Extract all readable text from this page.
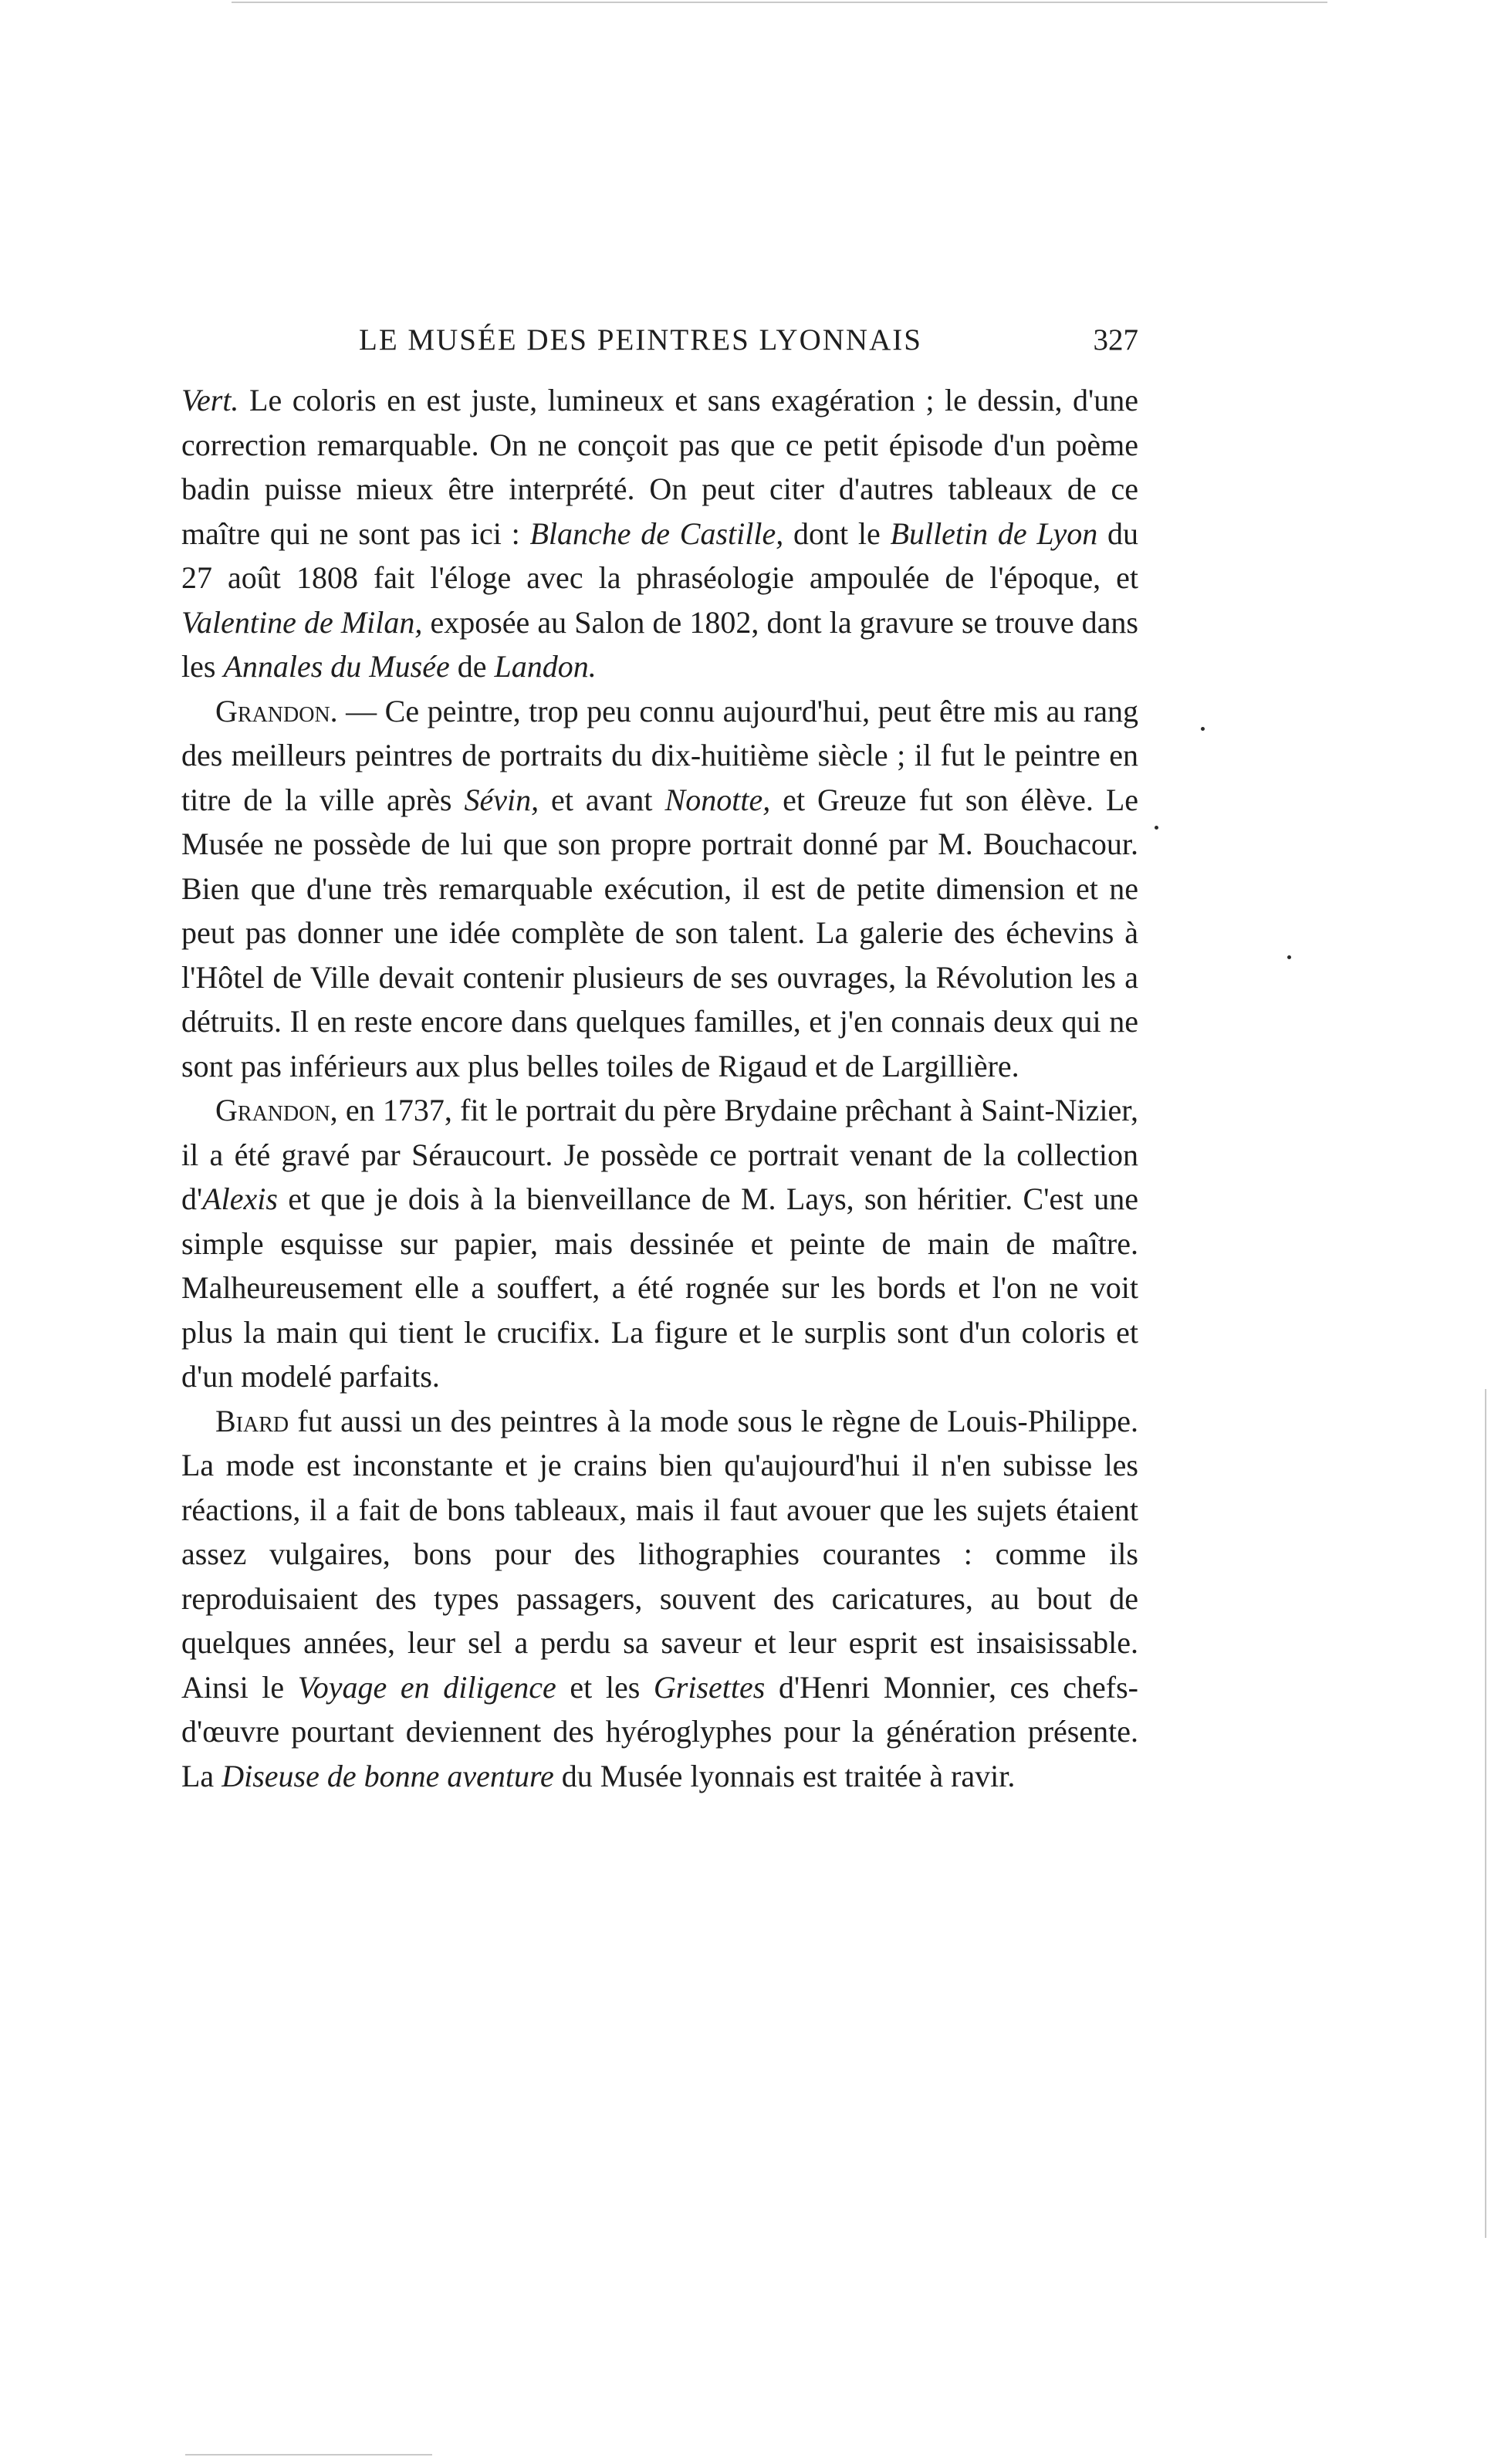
LE MUSÉE DES PEINTRES LYONNAIS	327

Vert. Le coloris en est juste, lumineux et sans exagération ; le dessin, d'une correction remarquable. On ne conçoit pas que ce petit épisode d'un poème badin puisse mieux être interprété. On peut citer d'autres tableaux de ce maître qui ne sont pas ici : Blanche de Castille, dont le Bulletin de Lyon du 27 août 1808 fait l'éloge avec la phraséologie ampoulée de l'époque, et Valentine de Milan, exposée au Salon de 1802, dont la gravure se trouve dans les Annales du Musée de Landon.

Grandon. — Ce peintre, trop peu connu aujourd'hui, peut être mis au rang des meilleurs peintres de portraits du dix-huitième siècle ; il fut le peintre en titre de la ville après Sévin, et avant Nonotte, et Greuze fut son élève. Le Musée ne possède de lui que son propre portrait donné par M. Bouchacour. Bien que d'une très remarquable exécution, il est de petite dimension et ne peut pas donner une idée complète de son talent. La galerie des échevins à l'Hôtel de Ville devait contenir plusieurs de ses ouvrages, la Révolution les a détruits. Il en reste encore dans quelques familles, et j'en connais deux qui ne sont pas inférieurs aux plus belles toiles de Rigaud et de Largillière.

Grandon, en 1737, fit le portrait du père Brydaine prêchant à Saint-Nizier, il a été gravé par Séraucourt. Je possède ce portrait venant de la collection d'Alexis et que je dois à la bienveillance de M. Lays, son héritier. C'est une simple esquisse sur papier, mais dessinée et peinte de main de maître. Malheureusement elle a souffert, a été rognée sur les bords et l'on ne voit plus la main qui tient le crucifix. La figure et le surplis sont d'un coloris et d'un modelé parfaits.

Biard fut aussi un des peintres à la mode sous le règne de Louis-Philippe. La mode est inconstante et je crains bien qu'aujourd'hui il n'en subisse les réactions, il a fait de bons tableaux, mais il faut avouer que les sujets étaient assez vulgaires, bons pour des lithographies courantes : comme ils reproduisaient des types passagers, souvent des caricatures, au bout de quelques années, leur sel a perdu sa saveur et leur esprit est insaisissable. Ainsi le Voyage en diligence et les Grisettes d'Henri Monnier, ces chefs-d'œuvre pourtant deviennent des hyéroglyphes pour la génération présente. La Diseuse de bonne aventure du Musée lyonnais est traitée à ravir.
